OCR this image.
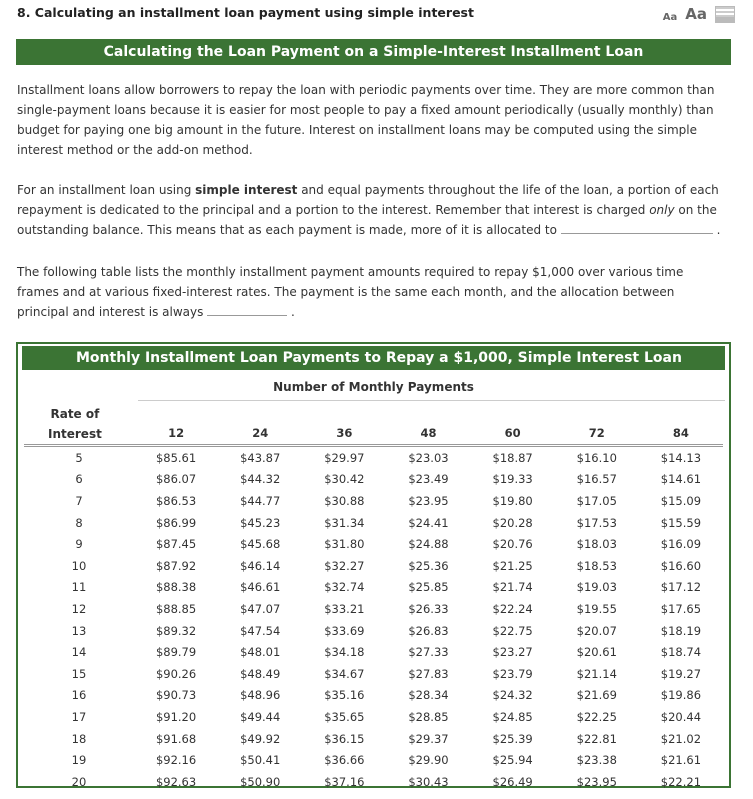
8. Calculating an installment loan payment using simple interest	Aa Aa
Calculating the Loan Payment on a Simple-Interest Installment Loan

Installment loans allow borrowers to repay the loan with periodic payments over time. They are more common than single-payment loans because it is easier for most people to pay a fixed amount periodically (usually monthly) than budget for paying one big amount in the future. Interest on installment loans may be computed using the simple interest method or the add-on method.

For an installment loan using simple interest and equal payments throughout the life of the loan, a portion of each repayment is dedicated to the principal and a portion to the interest. Remember that interest is charged only on the outstanding balance. This means that as each payment is made, more of it is allocated to	.

The following table lists the monthly installment payment amounts required to repay $1,000 over various time frames and at various fixed-interest rates. The payment is the same each month, and the allocation between principal and interest is always	.

Monthly Installment Loan Payments to Repay a $1,000, Simple Interest Loan
Number of Monthly Payments
Rate of
Interest
	12	24	36	48	60	72	84
5	$85.61	$43.87	$29.97	$23.03	$18.87	$16.10	$14.13
6	$86.07	$44.32	$30.42	$23.49	$19.33	$16.57	$14.61
7	$86.53	$44.77	$30.88	$23.95	$19.80	$17.05	$15.09
8	$86.99	$45.23	$31.34	$24.41	$20.28	$17.53	$15.59
9	$87.45	$45.68	$31.80	$24.88	$20.76	$18.03	$16.09
10	$87.92	$46.14	$32.27	$25.36	$21.25	$18.53	$16.60
11	$88.38	$46.61	$32.74	$25.85	$21.74	$19.03	$17.12
12	$88.85	$47.07	$33.21	$26.33	$22.24	$19.55	$17.65
13	$89.32	$47.54	$33.69	$26.83	$22.75	$20.07	$18.19
14	$89.79	$48.01	$34.18	$27.33	$23.27	$20.61	$18.74
15	$90.26	$48.49	$34.67	$27.83	$23.79	$21.14	$19.27
16	$90.73	$48.96	$35.16	$28.34	$24.32	$21.69	$19.86
17	$91.20	$49.44	$35.65	$28.85	$24.85	$22.25	$20.44
18	$91.68	$49.92	$36.15	$29.37	$25.39	$22.81	$21.02
19	$92.16	$50.41	$36.66	$29.90	$25.94	$23.38	$21.61
20	$92.63	$50.90	$37.16	$30.43	$26.49	$23.95	$22.21
